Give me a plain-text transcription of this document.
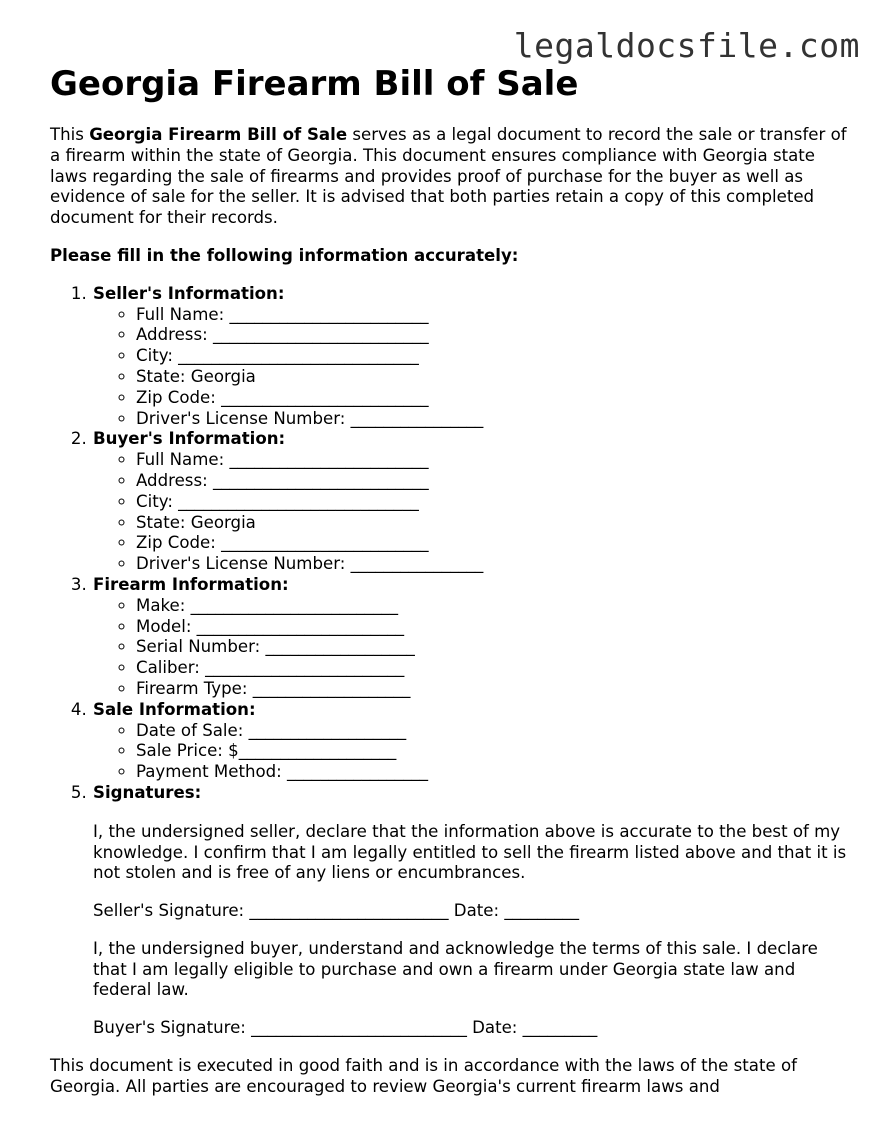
legaldocsfile.com
Georgia Firearm Bill of Sale

This Georgia Firearm Bill of Sale serves as a legal document to record the sale or transfer of a firearm within the state of Georgia. This document ensures compliance with Georgia state laws regarding the sale of firearms and provides proof of purchase for the buyer as well as evidence of sale for the seller. It is advised that both parties retain a copy of this completed document for their records.

Please fill in the following information accurately:

1. Seller's Information:
◦ Full Name: ________________________
◦ Address: __________________________
◦ City: _____________________________
◦ State: Georgia
◦ Zip Code: _________________________
◦ Driver's License Number: ________________
2. Buyer's Information:
◦ Full Name: ________________________
◦ Address: __________________________
◦ City: _____________________________
◦ State: Georgia
◦ Zip Code: _________________________
◦ Driver's License Number: ________________
3. Firearm Information:
◦ Make: _________________________
◦ Model: _________________________
◦ Serial Number: __________________
◦ Caliber: ________________________
◦ Firearm Type: ___________________
4. Sale Information:
◦ Date of Sale: ___________________
◦ Sale Price: $___________________
◦ Payment Method: _________________
5. Signatures:

I, the undersigned seller, declare that the information above is accurate to the best of my knowledge. I confirm that I am legally entitled to sell the firearm listed above and that it is not stolen and is free of any liens or encumbrances.

Seller's Signature: ________________________ Date: _________

I, the undersigned buyer, understand and acknowledge the terms of this sale. I declare that I am legally eligible to purchase and own a firearm under Georgia state law and federal law.

Buyer's Signature: __________________________ Date: _________

This document is executed in good faith and is in accordance with the laws of the state of Georgia. All parties are encouraged to review Georgia's current firearm laws and
